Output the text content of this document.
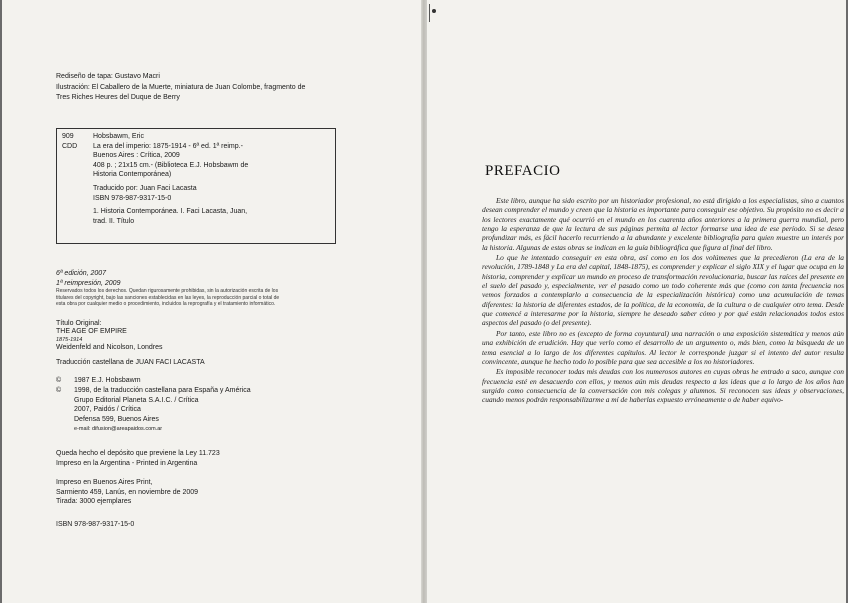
Rediseño de tapa: Gustavo Macri

Ilustración: El Caballero de la Muerte, miniatura de Juan Colombe, fragmento de

Tres Riches Heures del Duque de Berry

909

CDD

Hobsbawm, Eric

La era del imperio: 1875-1914 - 6ª ed. 1ª reimp.-

Buenos Aires : Crítica, 2009

408 p. ; 21x15 cm.- (Biblioteca E.J. Hobsbawm de

Historia Contemporánea)

Traducido por: Juan Faci Lacasta

ISBN 978-987-9317-15-0

1. Historia Contemporánea. I. Faci Lacasta, Juan,

trad. II. Título

6ª edición, 2007

1ª reimpresión, 2009

Reservados todos los derechos. Quedan rigurosamente prohibidas, sin la autorización escrita de los

titulares del copyright, bajo las sanciones establecidas en las leyes, la reproducción parcial o total de

esta obra por cualquier medio o procedimiento, incluidos la reprografía y el tratamiento informático.

Título Original:

THE AGE OF EMPIRE

1875-1914

Weidenfeld and Nicolson, Londres

Traducción castellana de JUAN FACI LACASTA
©	1987 E.J. Hobsbawm
©	1998, de la traducción castellana para España y América
Grupo Editorial Planeta S.A.I.C. / Crítica
2007, Paidós / Crítica
Defensa 599, Buenos Aires
e-mail: difusion@areapaidos.com.ar

Queda hecho el depósito que previene la Ley 11.723

Impreso en la Argentina - Printed in Argentina

Impreso en Buenos Aires Print,

Sarmiento 459, Lanús, en noviembre de 2009

Tirada: 3000 ejemplares

ISBN 978-987-9317-15-0
PREFACIO

Este libro, aunque ha sido escrito por un historiador profesional, no está dirigido a los especialistas, sino a cuantos desean comprender el mundo y creen que la historia es importante para conseguir ese objetivo. Su propósito no es decir a los lectores exactamente qué ocurrió en el mundo en los cuarenta años anteriores a la primera guerra mundial, pero tengo la esperanza de que la lectura de sus páginas permita al lector formarse una idea de ese período. Si se desea profundizar más, es fácil hacerlo recurriendo a la abundante y excelente bibliografía para quien muestre un interés por la historia. Algunas de estas obras se indican en la guía bibliográfica que figura al final del libro.

Lo que he intentado conseguir en esta obra, así como en los dos volúmenes que la precedieron (La era de la revolución, 1789-1848 y La era del capital, 1848-1875), es comprender y explicar el siglo XIX y el lugar que ocupa en la historia, comprender y explicar un mundo en proceso de transformación revolucionaria, buscar las raíces del presente en el suelo del pasado y, especialmente, ver el pasado como un todo coherente más que (como con tanta frecuencia nos vemos forzados a contemplarlo a consecuencia de la especialización histórica) como una acumulación de temas diferentes: la historia de diferentes estados, de la política, de la economía, de la cultura o de cualquier otro tema. Desde que comencé a interesarme por la historia, siempre he deseado saber cómo y por qué están relacionados todos estos aspectos del pasado (o del presente).

Por tanto, este libro no es (excepto de forma coyuntural) una narración o una exposición sistemática y menos aún una exhibición de erudición. Hay que verlo como el desarrollo de un argumento o, más bien, como la búsqueda de un tema esencial a lo largo de los diferentes capítulos. Al lector le corresponde juzgar si el intento del autor resulta convincente, aunque he hecho todo lo posible para que sea accesible a los no historiadores.

Es imposible reconocer todas mis deudas con los numerosos autores en cuyas obras he entrado a saco, aunque con frecuencia esté en desacuerdo con ellos, y menos aún mis deudas respecto a las ideas que a lo largo de los años han surgido como consecuencia de la conversación con mis colegas y alumnos. Si reconocen sus ideas y observaciones, cuando menos podrán responsabilizarme a mí de haberlas expuesto erróneamente o de haber equivo-
